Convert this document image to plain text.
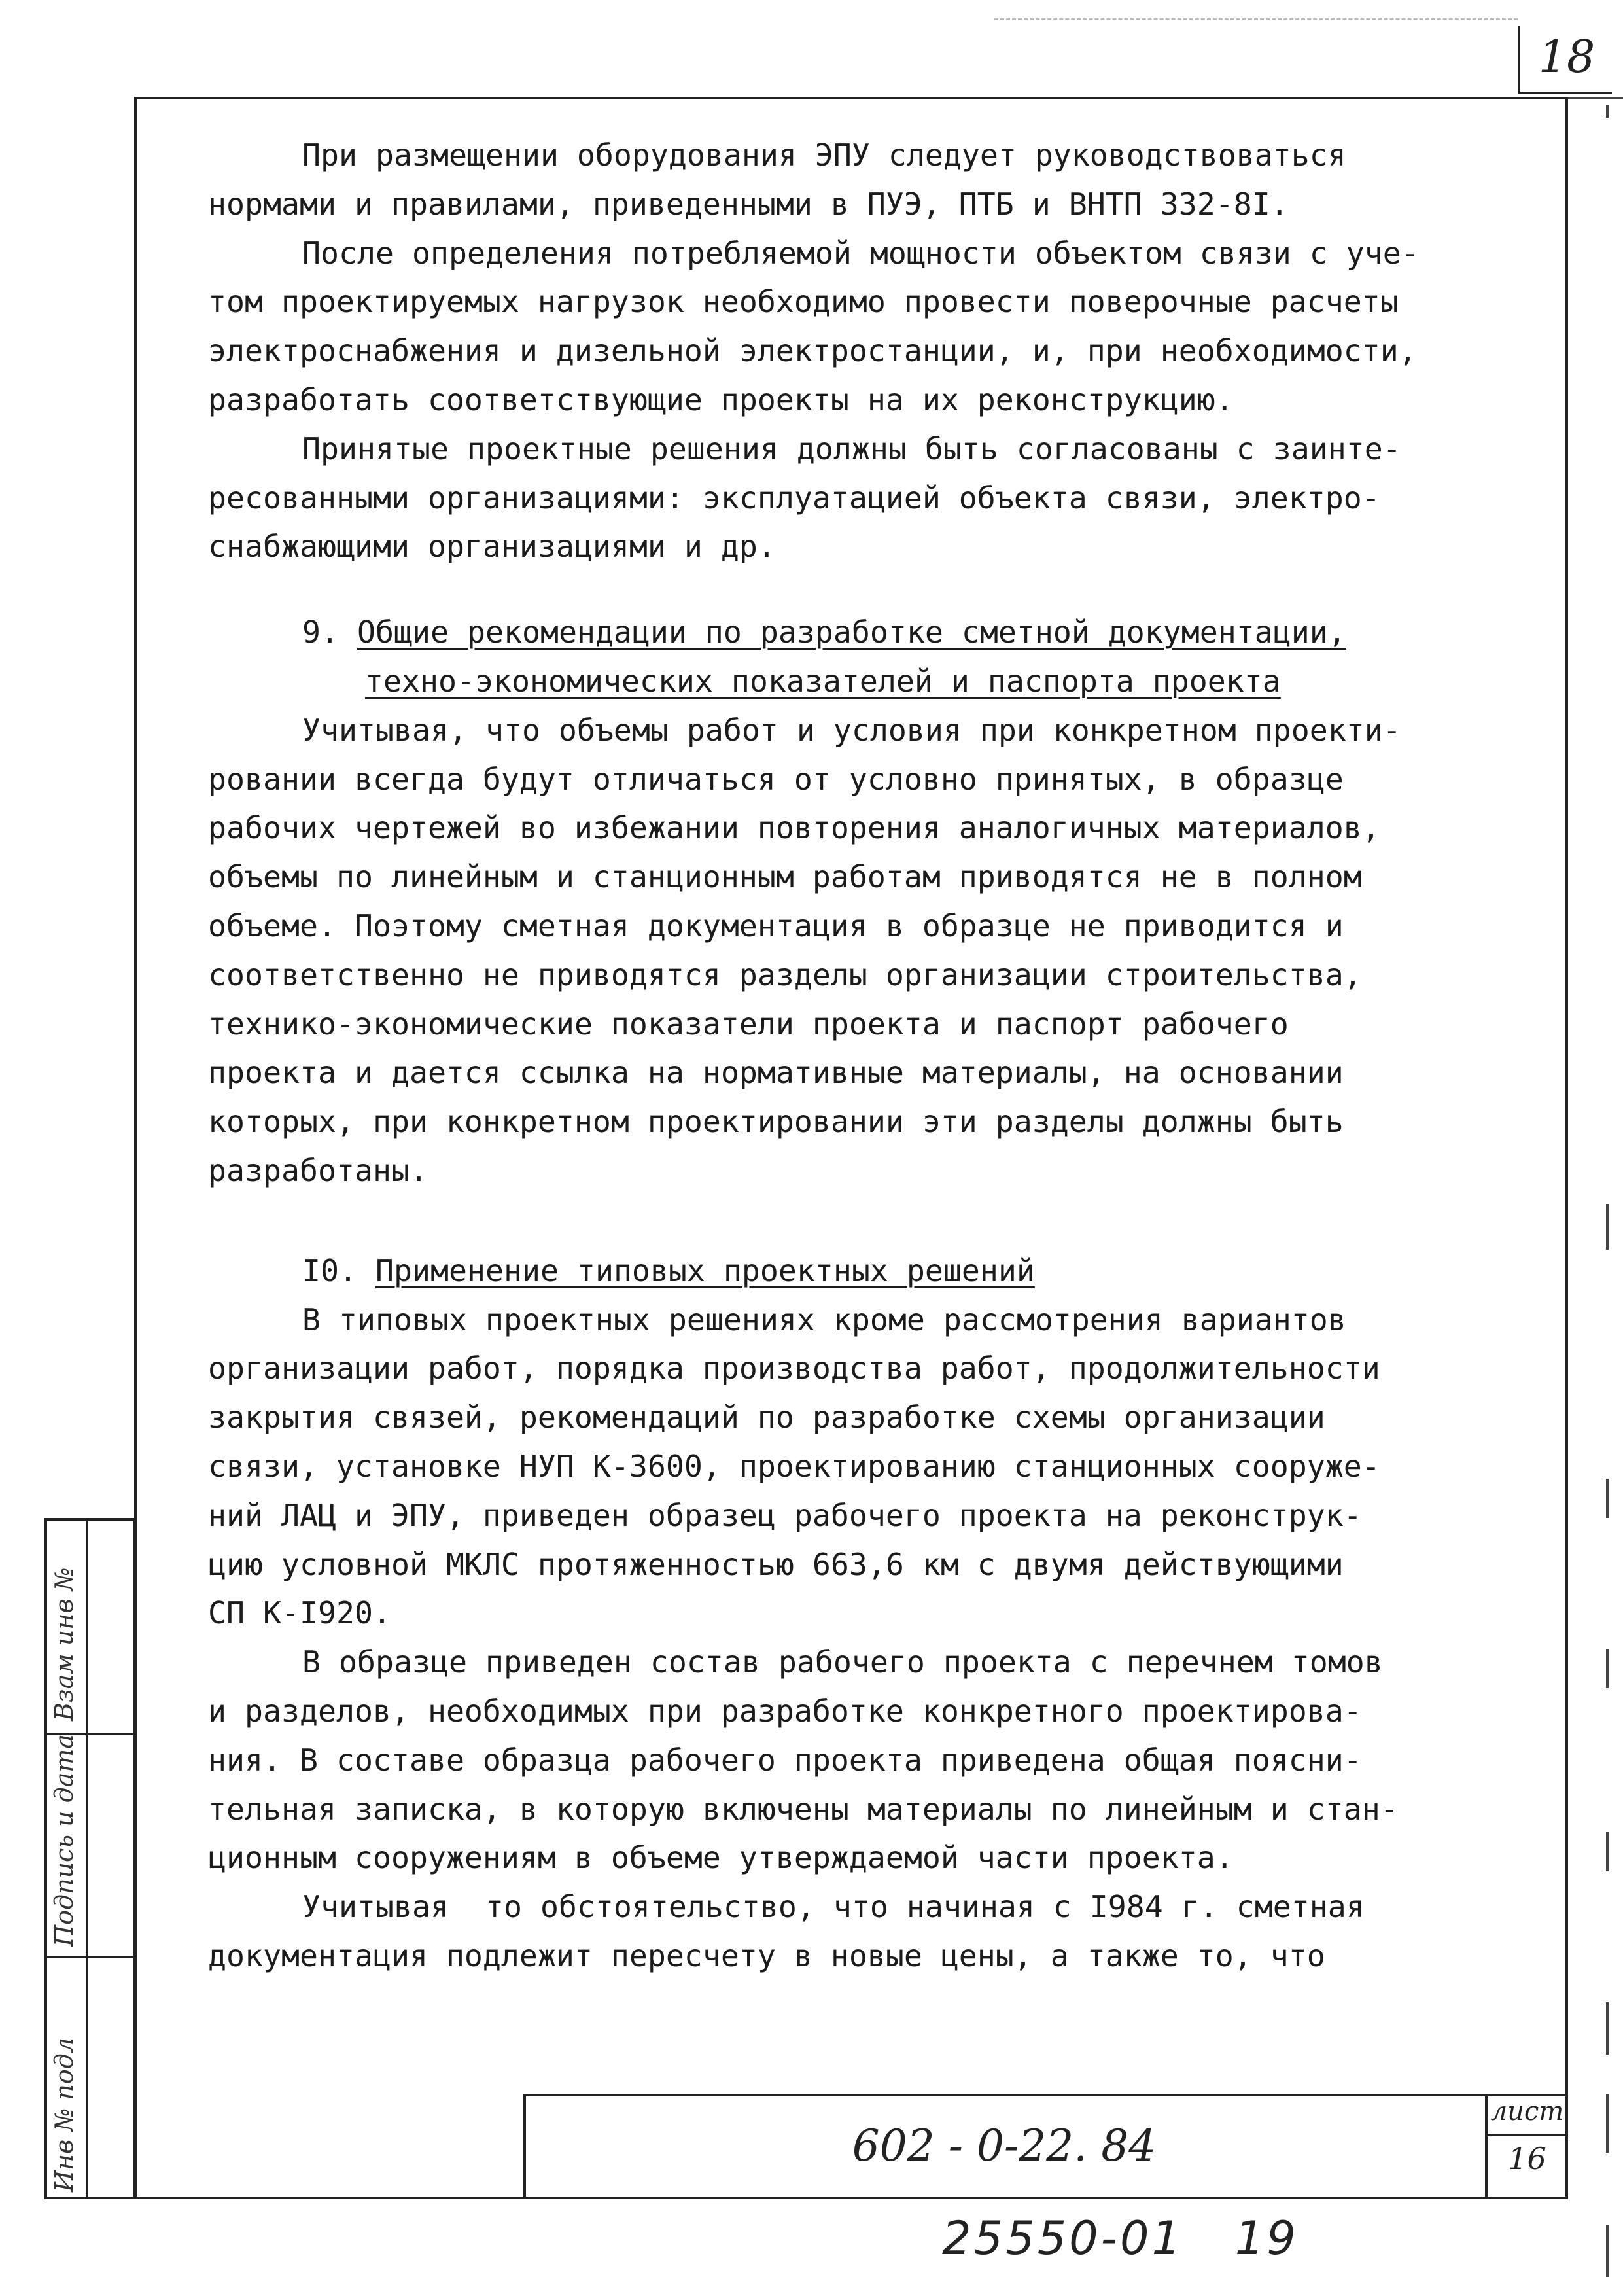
18
Взам инв №
Подпись и дата
Инв № подл
При размещении оборудования ЭПУ следует руководствоваться
нормами и правилами, приведенными в ПУЭ, ПТБ и ВНТП 332-8I.
После определения потребляемой мощности объектом связи с уче-
том проектируемых нагрузок необходимо провести поверочные расчеты
электроснабжения и дизельной электростанции, и, при необходимости,
разработать соответствующие проекты на их реконструкцию.
Принятые проектные решения должны быть согласованы с заинте-
ресованными организациями: эксплуатацией объекта связи, электро-
снабжающими организациями и др.
9. Общие рекомендации по разработке сметной документации,
техно-экономических показателей и паспорта проекта
Учитывая, что объемы работ и условия при конкретном проекти-
ровании всегда будут отличаться от условно принятых, в образце
рабочих чертежей во избежании повторения аналогичных материалов,
объемы по линейным и станционным работам приводятся не в полном
объеме. Поэтому сметная документация в образце не приводится и
соответственно не приводятся разделы организации строительства,
технико-экономические показатели проекта и паспорт рабочего
проекта и дается ссылка на нормативные материалы, на основании
которых, при конкретном проектировании эти разделы должны быть
разработаны.
I0. Применение типовых проектных решений
В типовых проектных решениях кроме рассмотрения вариантов
организации работ, порядка производства работ, продолжительности
закрытия связей, рекомендаций по разработке схемы организации
связи, установке НУП К-3600, проектированию станционных сооруже-
ний ЛАЦ и ЭПУ, приведен образец рабочего проекта на реконструк-
цию условной МКЛС протяженностью 663,6 км с двумя действующими
СП К-I920.
В образце приведен состав рабочего проекта с перечнем томов
и разделов, необходимых при разработке конкретного проектирова-
ния. В составе образца рабочего проекта приведена общая поясни-
тельная записка, в которую включены материалы по линейным и стан-
ционным сооружениям в объеме утверждаемой части проекта.
Учитывая  то обстоятельство, что начиная с I984 г. сметная
документация подлежит пересчету в новые цены, а также то, что
602 - 0-22. 84
лист
16
25550-01   19
